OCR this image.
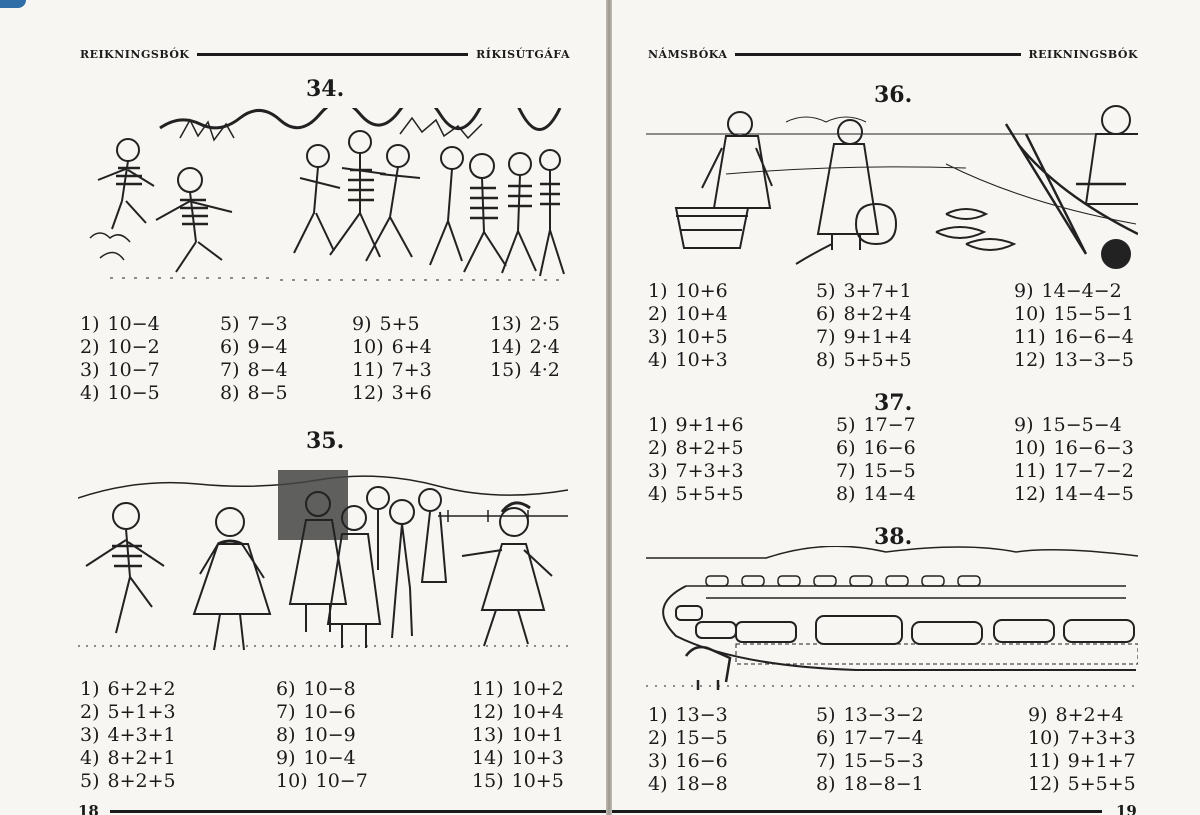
REIKNINGSBÓK	RÍKISÚTGÁFA
34.
1 ) 10−4
2 ) 10−2
3 ) 10−7
4 ) 10−5
5 ) 7−3
6 ) 9−4
7 ) 8−4
8 ) 8−5
9 ) 5+5
10 ) 6+4
11 ) 7+3
12 ) 3+6
13 ) 2·5
14 ) 2·4
15 ) 4·2
35.
1 ) 6+2+2
2 ) 5+1+3
3 ) 4+3+1
4 ) 8+2+1
5 ) 8+2+5
6 ) 10−8
7 ) 10−6
8 ) 10−9
9 ) 10−4
10 ) 10−7
11 ) 10+2
12 ) 10+4
13 ) 10+1
14 ) 10+3
15 ) 10+5
18
NÁMSBÓKA	REIKNINGSBÓK
36.
1 ) 10+6
2 ) 10+4
3 ) 10+5
4 ) 10+3
5 ) 3+7+1
6 ) 8+2+4
7 ) 9+1+4
8 ) 5+5+5
9 ) 14−4−2
10 ) 15−5−1
11 ) 16−6−4
12 ) 13−3−5
37.
1 ) 9+1+6
2 ) 8+2+5
3 ) 7+3+3
4 ) 5+5+5
5 ) 17−7
6 ) 16−6
7 ) 15−5
8 ) 14−4
9 ) 15−5−4
10 ) 16−6−3
11 ) 17−7−2
12 ) 14−4−5
38.
1 ) 13−3
2 ) 15−5
3 ) 16−6
4 ) 18−8
5 ) 13−3−2
6 ) 17−7−4
7 ) 15−5−3
8 ) 18−8−1
9 ) 8+2+4
10 ) 7+3+3
11 ) 9+1+7
12 ) 5+5+5
19
